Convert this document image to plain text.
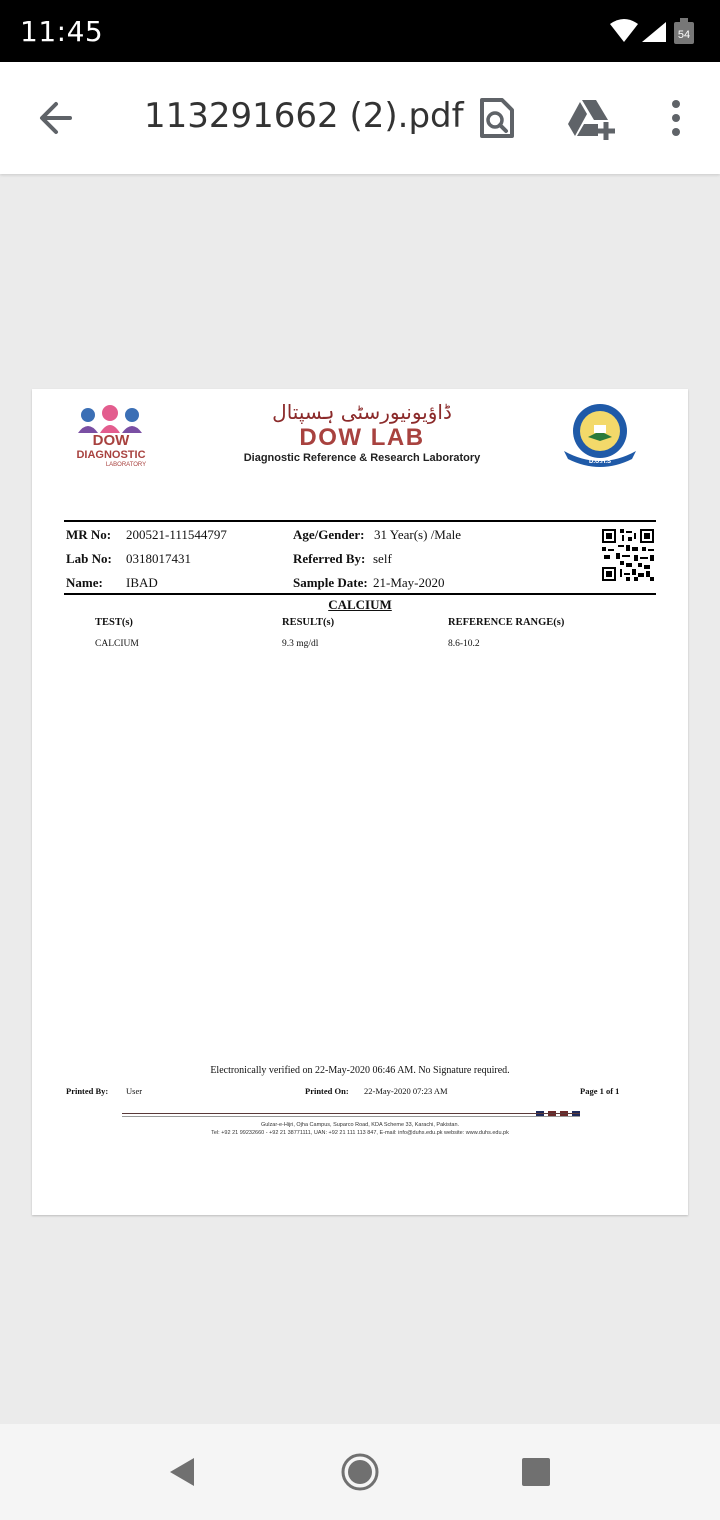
11:45	54
113291662 (2).pdf
DOW
DIAGNOSTIC
LABORATORY
ڈاؤیونیورسٹی ہسپتال
DOW LAB
Diagnostic Reference & Research Laboratory	D.U.H.S
MR No: 200521-111544797
Lab No: 0318017431
Name: IBAD
Age/Gender: 31 Year(s) /Male
Referred By: self
Sample Date: 21-May-2020
CALCIUM
TEST(s)	RESULT(s)	REFERENCE RANGE(s)
CALCIUM	9.3 mg/dl	8.6-10.2
Electronically verified on 22-May-2020 06:46 AM. No Signature required.
Printed By: User	Printed On: 22-May-2020 07:23 AM	Page 1 of 1
Gulzar-e-Hijri, Ojha Campus, Suparco Road, KDA Scheme 33, Karachi, Pakistan.
Tel: +92 21 99232660 - +92 21 38771111, UAN: +92 21 111 113 847, E-mail: info@duhs.edu.pk website: www.duhs.edu.pk
